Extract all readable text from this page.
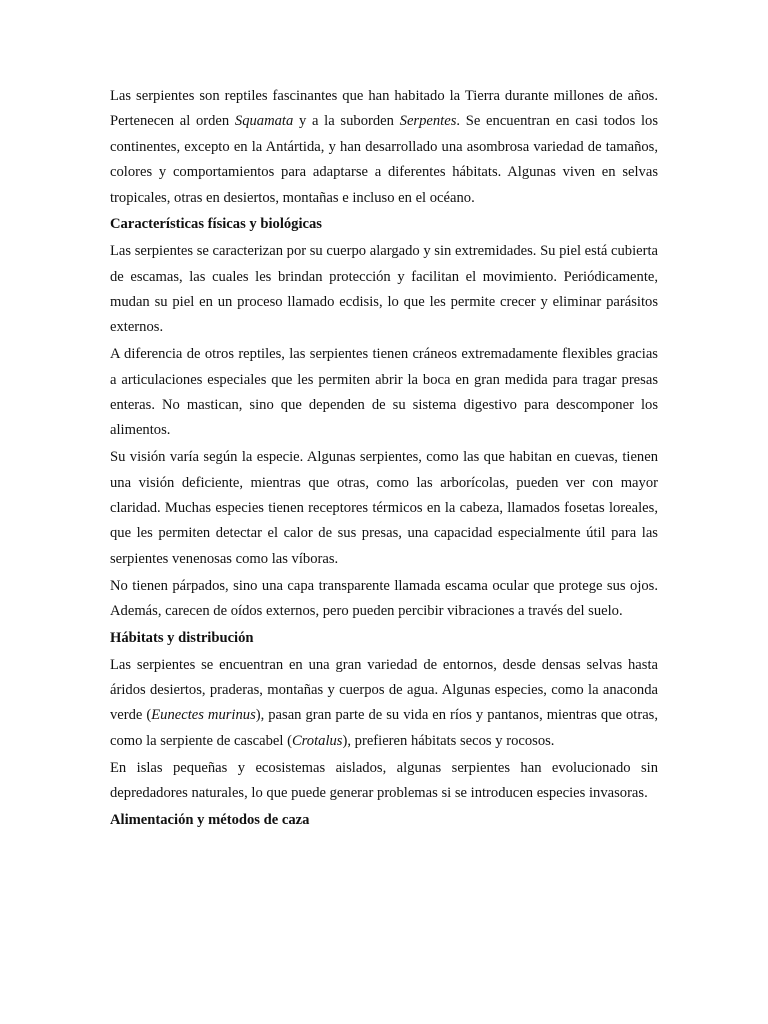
Las serpientes son reptiles fascinantes que han habitado la Tierra durante millones de años. Pertenecen al orden Squamata y a la suborden Serpentes. Se encuentran en casi todos los continentes, excepto en la Antártida, y han desarrollado una asombrosa variedad de tamaños, colores y comportamientos para adaptarse a diferentes hábitats. Algunas viven en selvas tropicales, otras en desiertos, montañas e incluso en el océano.

Características físicas y biológicas

Las serpientes se caracterizan por su cuerpo alargado y sin extremidades. Su piel está cubierta de escamas, las cuales les brindan protección y facilitan el movimiento. Periódicamente, mudan su piel en un proceso llamado ecdisis, lo que les permite crecer y eliminar parásitos externos.

A diferencia de otros reptiles, las serpientes tienen cráneos extremadamente flexibles gracias a articulaciones especiales que les permiten abrir la boca en gran medida para tragar presas enteras. No mastican, sino que dependen de su sistema digestivo para descomponer los alimentos.

Su visión varía según la especie. Algunas serpientes, como las que habitan en cuevas, tienen una visión deficiente, mientras que otras, como las arborícolas, pueden ver con mayor claridad. Muchas especies tienen receptores térmicos en la cabeza, llamados fosetas loreales, que les permiten detectar el calor de sus presas, una capacidad especialmente útil para las serpientes venenosas como las víboras.

No tienen párpados, sino una capa transparente llamada escama ocular que protege sus ojos. Además, carecen de oídos externos, pero pueden percibir vibraciones a través del suelo.

Hábitats y distribución

Las serpientes se encuentran en una gran variedad de entornos, desde densas selvas hasta áridos desiertos, praderas, montañas y cuerpos de agua. Algunas especies, como la anaconda verde (Eunectes murinus), pasan gran parte de su vida en ríos y pantanos, mientras que otras, como la serpiente de cascabel (Crotalus), prefieren hábitats secos y rocosos.

En islas pequeñas y ecosistemas aislados, algunas serpientes han evolucionado sin depredadores naturales, lo que puede generar problemas si se introducen especies invasoras.

Alimentación y métodos de caza
